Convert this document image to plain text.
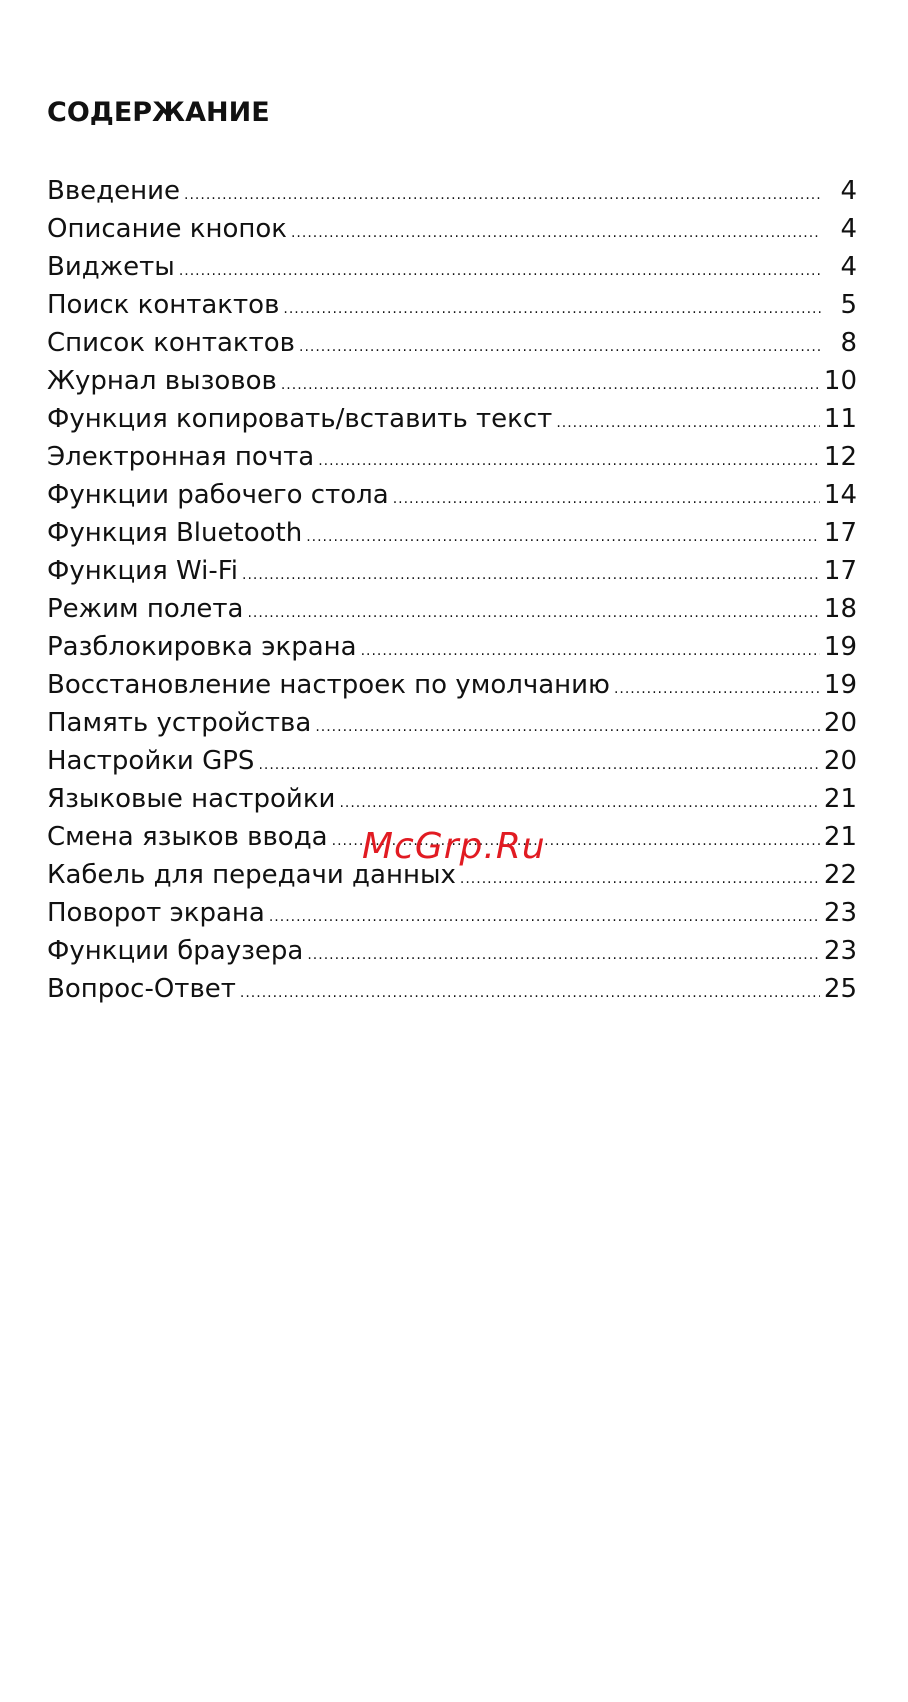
СОДЕРЖАНИЕ
Введение .....	4
Описание кнопок .....	4
Виджеты .....	4
Поиск контактов .....	5
Список контактов .....	8
Журнал вызовов .....	10
Функция копировать/вставить текст .....	11
Электронная почта .....	12
Функции рабочего стола .....	14
Функция Bluetooth .....	17
Функция Wi-Fi .....	17
Режим полета .....	18
Разблокировка экрана .....	19
Восстановление настроек по умолчанию .....	19
Память устройства .....	20
Настройки GPS .....	20
Языковые настройки .....	21
Смена языков ввода .....	21
Кабель для передачи данных .....	22
Поворот экрана .....	23
Функции браузера .....	23
Вопрос-Ответ .....	25
McGrp.Ru
